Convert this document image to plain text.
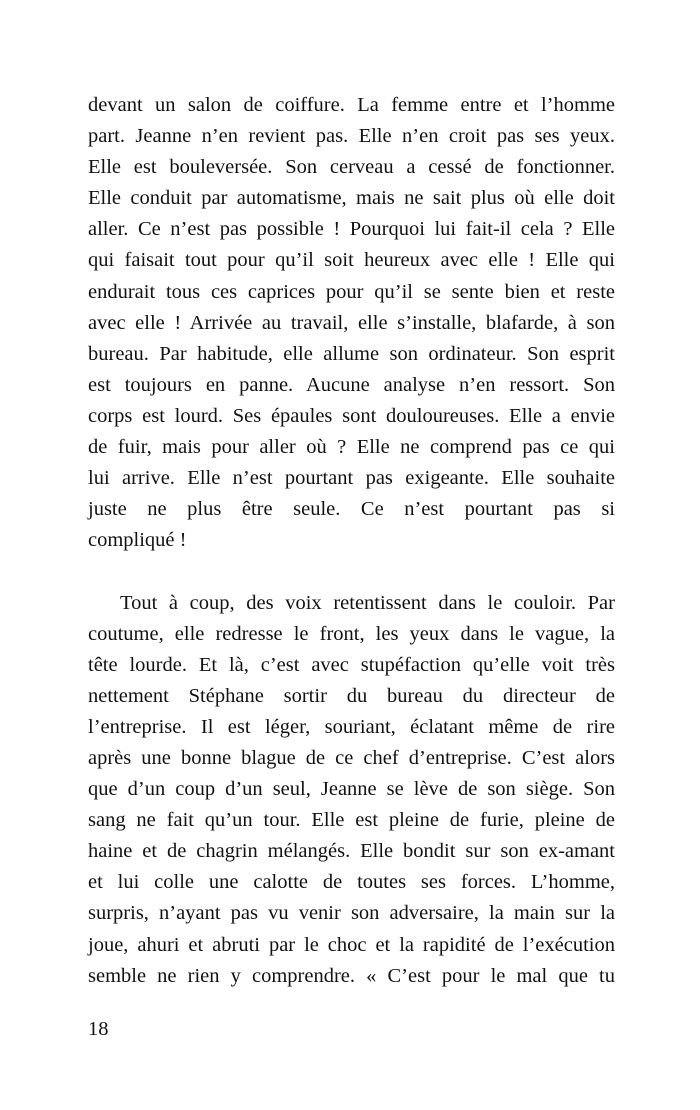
devant un salon de coiffure. La femme entre et l’homme
part. Jeanne n’en revient pas. Elle n’en croit pas ses yeux.
Elle est bouleversée. Son cerveau a cessé de fonctionner.
Elle conduit par automatisme, mais ne sait plus où elle doit
aller. Ce n’est pas possible ! Pourquoi lui fait-il cela ? Elle
qui faisait tout pour qu’il soit heureux avec elle ! Elle qui
endurait tous ces caprices pour qu’il se sente bien et reste
avec elle ! Arrivée au travail, elle s’installe, blafarde, à son
bureau. Par habitude, elle allume son ordinateur. Son esprit
est toujours en panne. Aucune analyse n’en ressort. Son
corps est lourd. Ses épaules sont douloureuses. Elle a envie
de fuir, mais pour aller où ? Elle ne comprend pas ce qui
lui arrive. Elle n’est pourtant pas exigeante. Elle souhaite
juste ne plus être seule. Ce n’est pourtant pas si
compliqué !
Tout à coup, des voix retentissent dans le couloir. Par
coutume, elle redresse le front, les yeux dans le vague, la
tête lourde. Et là, c’est avec stupéfaction qu’elle voit très
nettement Stéphane sortir du bureau du directeur de
l’entreprise. Il est léger, souriant, éclatant même de rire
après une bonne blague de ce chef d’entreprise. C’est alors
que d’un coup d’un seul, Jeanne se lève de son siège. Son
sang ne fait qu’un tour. Elle est pleine de furie, pleine de
haine et de chagrin mélangés. Elle bondit sur son ex-amant
et lui colle une calotte de toutes ses forces. L’homme,
surpris, n’ayant pas vu venir son adversaire, la main sur la
joue, ahuri et abruti par le choc et la rapidité de l’exécution
semble ne rien y comprendre. « C’est pour le mal que tu
18
